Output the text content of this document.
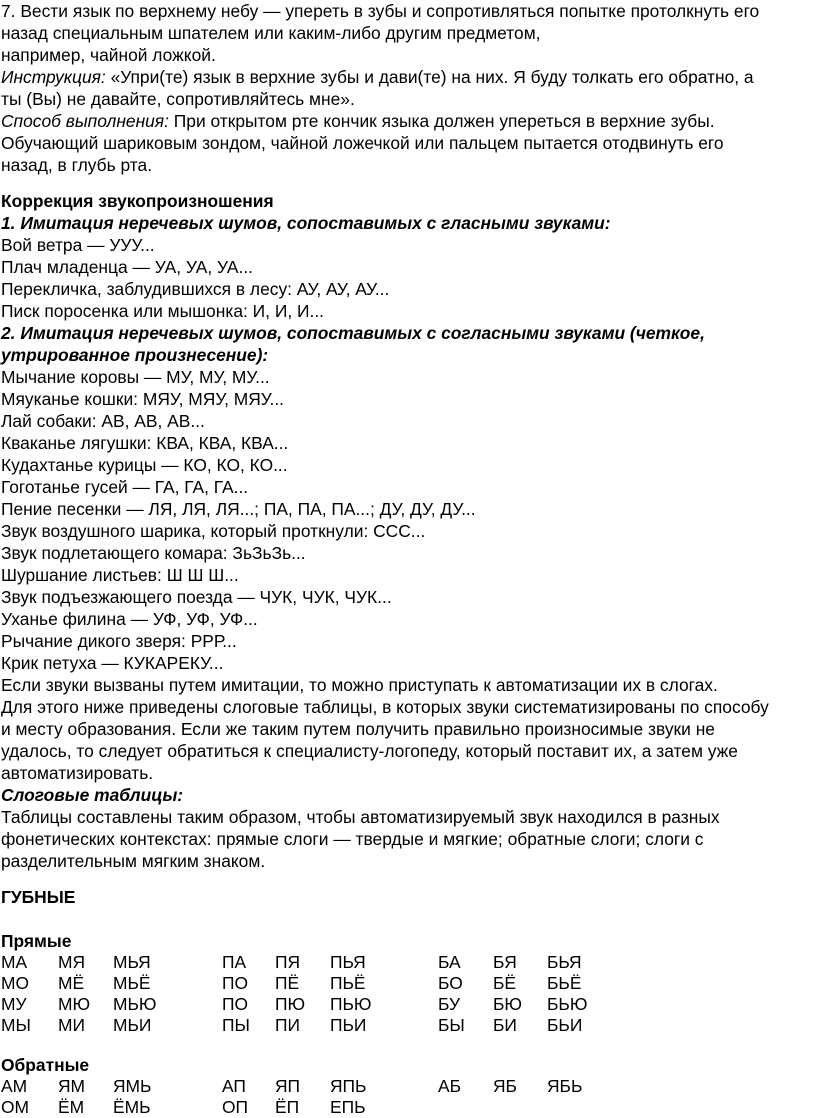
7. Вести язык по верхнему небу — упереть в зубы и сопротивляться попытке протолкнуть его
назад специальным шпателем или каким-либо другим предметом,
например, чайной ложкой.
Инструкция: «Упри(те) язык в верхние зубы и дави(те) на них. Я буду толкать его обратно, а
ты (Вы) не давайте, сопротивляйтесь мне».
Способ выполнения: При открытом рте кончик языка должен упереться в верхние зубы.
Обучающий шариковым зондом, чайной ложечкой или пальцем пытается отодвинуть его
назад, в глубь рта.
Коррекция звукопроизношения
1. Имитация неречевых шумов, сопоставимых с гласными звуками:
Вой ветра — УУУ...
Плач младенца — УА, УА, УА...
Перекличка, заблудившихся в лесу: АУ, АУ, АУ...
Писк поросенка или мышонка: И, И, И...
2. Имитация неречевых шумов, сопоставимых с согласными звуками (четкое,
утрированное произнесение):
Мычание коровы — МУ, МУ, МУ...
Мяуканье кошки: МЯУ, МЯУ, МЯУ...
Лай собаки: АВ, АВ, АВ...
Кваканье лягушки: КВА, КВА, КВА...
Кудахтанье курицы — КО, КО, КО...
Гоготанье гусей — ГА, ГА, ГА...
Пение песенки — ЛЯ, ЛЯ, ЛЯ...; ПА, ПА, ПА...; ДУ, ДУ, ДУ...
Звук воздушного шарика, который проткнули: ССС...
Звук подлетающего комара: ЗьЗьЗь...
Шуршание листьев: Ш Ш Ш...
Звук подъезжающего поезда — ЧУК, ЧУК, ЧУК...
Уханье филина — УФ, УФ, УФ...
Рычание дикого зверя: РРР...
Крик петуха — КУКАРЕКУ...
Если звуки вызваны путем имитации, то можно приступать к автоматизации их в слогах.
Для этого ниже приведены слоговые таблицы, в которых звуки систематизированы по способу
и месту образования. Если же таким путем получить правильно произносимые звуки не
удалось, то следует обратиться к специалисту-логопеду, который поставит их, а затем уже
автоматизировать.
Слоговые таблицы:
Таблицы составлены таким образом, чтобы автоматизируемый звук находился в разных
фонетических контекстах: прямые слоги — твердые и мягкие; обратные слоги; слоги с
разделительным мягким знаком.
ГУБНЫЕ
Прямые
МА МЯ МЬЯ	ПА ПЯ ПЬЯ	БА БЯ БЬЯ
МО МЁ МЬЁ	ПО ПЁ ПЬЁ	БО БЁ БЬЁ
МУ МЮ МЬЮ	ПО ПЮ ПЬЮ	БУ БЮ БЬЮ
МЫ МИ МЬИ	ПЫ ПИ ПЬИ	БЫ БИ БЬИ
Обратные
АМ ЯМ ЯМЬ	АП ЯП ЯПЬ	АБ ЯБ ЯБЬ
ОМ ЁМ ЁМЬ	ОП ЁП ЕПЬ
